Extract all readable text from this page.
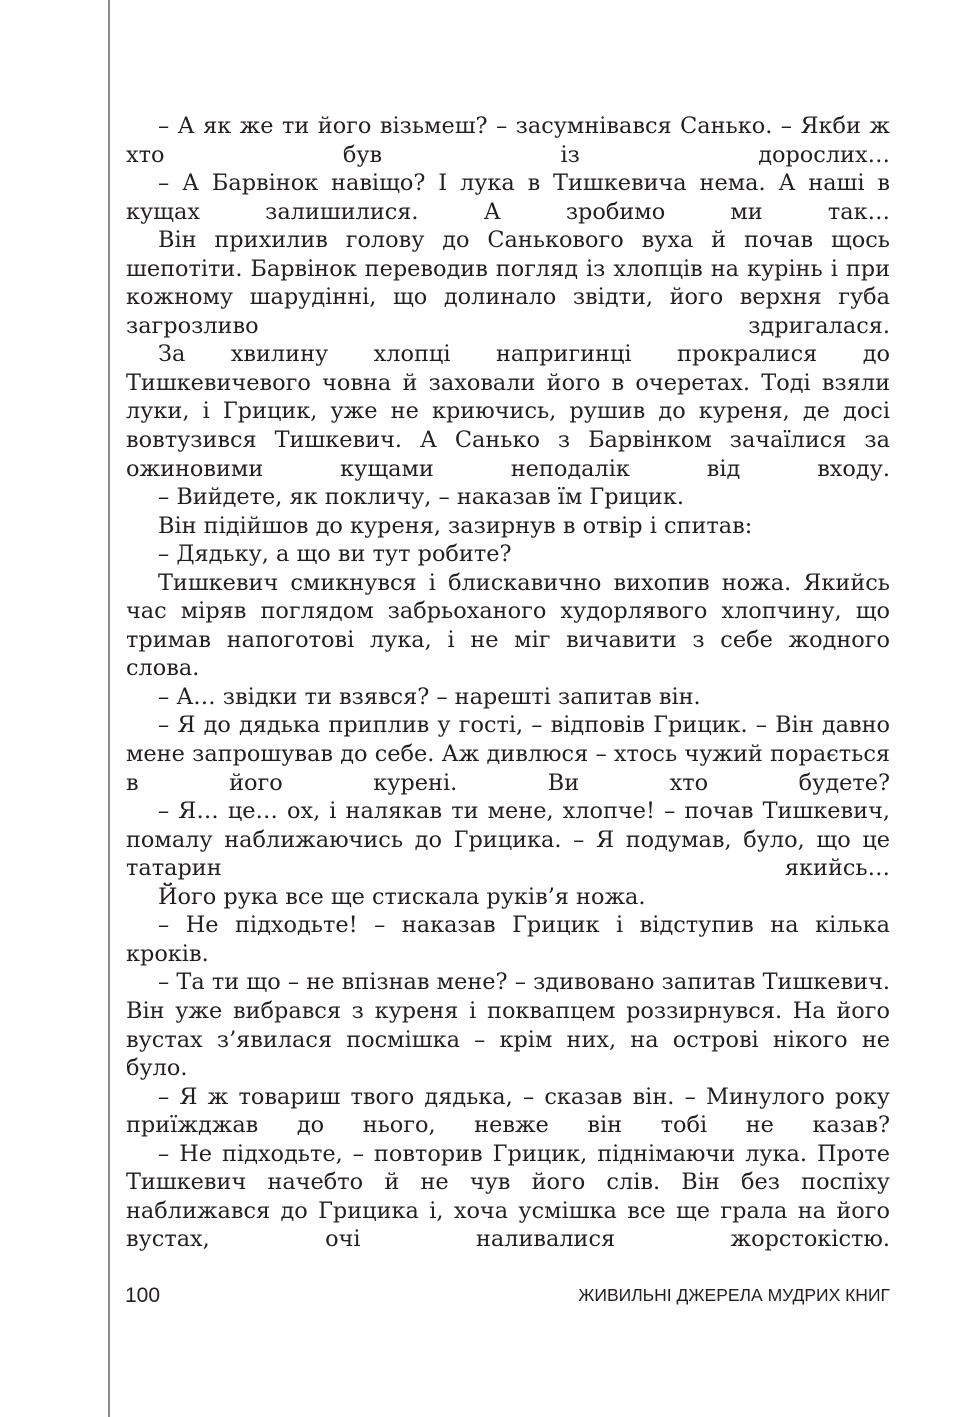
– А як же ти його візьмеш? – засумнівався Санько. – Якби ж хто був із дорослих…

– А Барвінок навіщо? І лука в Тишкевича нема. А наші в кущах залишилися. А зробимо ми так…

Він прихилив голову до Санькового вуха й почав щось шепотіти. Барвінок переводив погляд із хлопців на курінь і при кожному шарудінні, що долинало звідти, його верхня губа загрозливо здригалася.

За хвилину хлопці напригинці прокралися до Тишкевичевого човна й заховали його в очеретах. Тоді взяли луки, і Грицик, уже не криючись, рушив до куреня, де досі вовтузився Тишкевич. А Санько з Барвінком зачаїлися за ожиновими кущами неподалік від входу.

– Вийдете, як покличу, – наказав їм Грицик.

Він підійшов до куреня, зазирнув в отвір і спитав:

– Дядьку, а що ви тут робите?

Тишкевич смикнувся і блискавично вихопив ножа. Якийсь час міряв поглядом забрьоханого худорлявого хлопчину, що тримав напоготові лука, і не міг вичавити з себе жодного слова.

– А… звідки ти взявся? – нарешті запитав він.

– Я до дядька приплив у гості, – відповів Грицик. – Він давно мене запрошував до себе. Аж дивлюся – хтось чужий порається в його курені. Ви хто будете?

– Я… це… ох, і налякав ти мене, хлопче! – почав Тишкевич, помалу наближаючись до Грицика. – Я подумав, було, що це татарин якийсь…

Його рука все ще стискала руків’я ножа.

– Не підходьте! – наказав Грицик і відступив на кілька кроків.

– Та ти що – не впізнав мене? – здивовано запитав Тишкевич. Він уже вибрався з куреня і поквапцем роззирнувся. На його вустах з’явилася посмішка – крім них, на острові нікого не було.

– Я ж товариш твого дядька, – сказав він. – Минулого року приїжджав до нього, невже він тобі не казав?

– Не підходьте, – повторив Грицик, піднімаючи лука. Проте Тишкевич начебто й не чув його слів. Він без поспіху наближався до Грицика і, хоча усмішка все ще грала на його вустах, очі наливалися жорстокістю.

100	ЖИВИЛЬНІ ДЖЕРЕЛА МУДРИХ КНИГ
